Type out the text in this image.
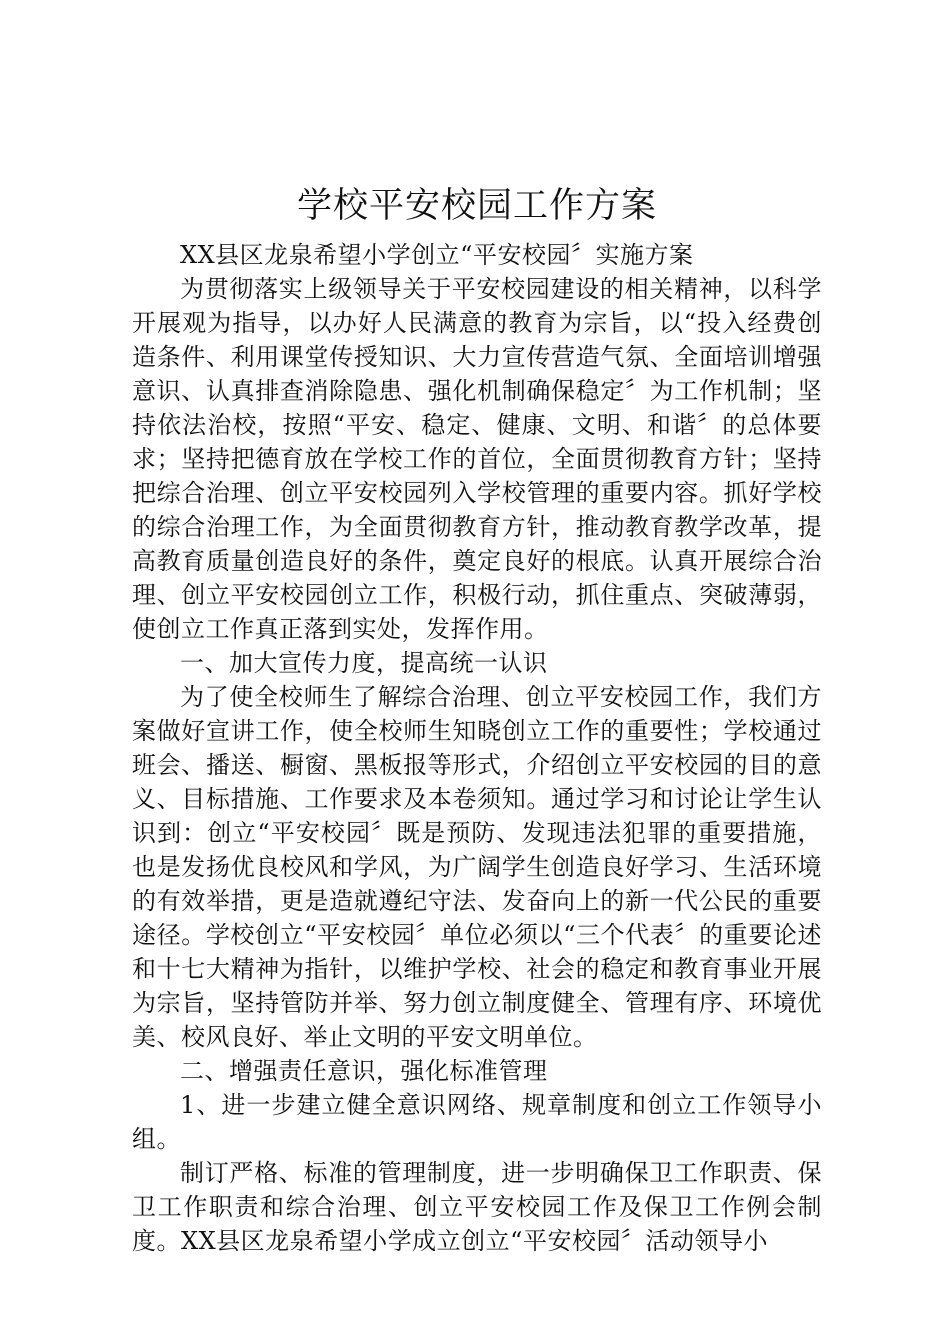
学校平安校园工作方案

XX县区龙泉希望小学创立“平安校园〞实施方案

为贯彻落实上级领导关于平安校园建设的相关精神，以科学开展观为指导，以办好人民满意的教育为宗旨，以“投入经费创造条件、利用课堂传授知识、大力宣传营造气氛、全面培训增强意识、认真排查消除隐患、强化机制确保稳定〞为工作机制；坚持依法治校，按照“平安、稳定、健康、文明、和谐〞的总体要求；坚持把德育放在学校工作的首位，全面贯彻教育方针；坚持把综合治理、创立平安校园列入学校管理的重要内容。抓好学校的综合治理工作，为全面贯彻教育方针，推动教育教学改革，提高教育质量创造良好的条件，奠定良好的根底。认真开展综合治理、创立平安校园创立工作，积极行动，抓住重点、突破薄弱，使创立工作真正落到实处，发挥作用。

一、加大宣传力度，提高统一认识

为了使全校师生了解综合治理、创立平安校园工作，我们方案做好宣讲工作，使全校师生知晓创立工作的重要性；学校通过班会、播送、橱窗、黑板报等形式，介绍创立平安校园的目的意义、目标措施、工作要求及本卷须知。通过学习和讨论让学生认识到：创立“平安校园〞既是预防、发现违法犯罪的重要措施，也是发扬优良校风和学风，为广阔学生创造良好学习、生活环境的有效举措，更是造就遵纪守法、发奋向上的新一代公民的重要途径。学校创立“平安校园〞单位必须以“三个代表〞的重要论述和十七大精神为指针，以维护学校、社会的稳定和教育事业开展为宗旨，坚持管防并举、努力创立制度健全、管理有序、环境优美、校风良好、举止文明的平安文明单位。

二、增强责任意识，强化标准管理

1、进一步建立健全意识网络、规章制度和创立工作领导小组。

制订严格、标准的管理制度，进一步明确保卫工作职责、保卫工作职责和综合治理、创立平安校园工作及保卫工作例会制度。XX县区龙泉希望小学成立创立“平安校园〞活动领导小
